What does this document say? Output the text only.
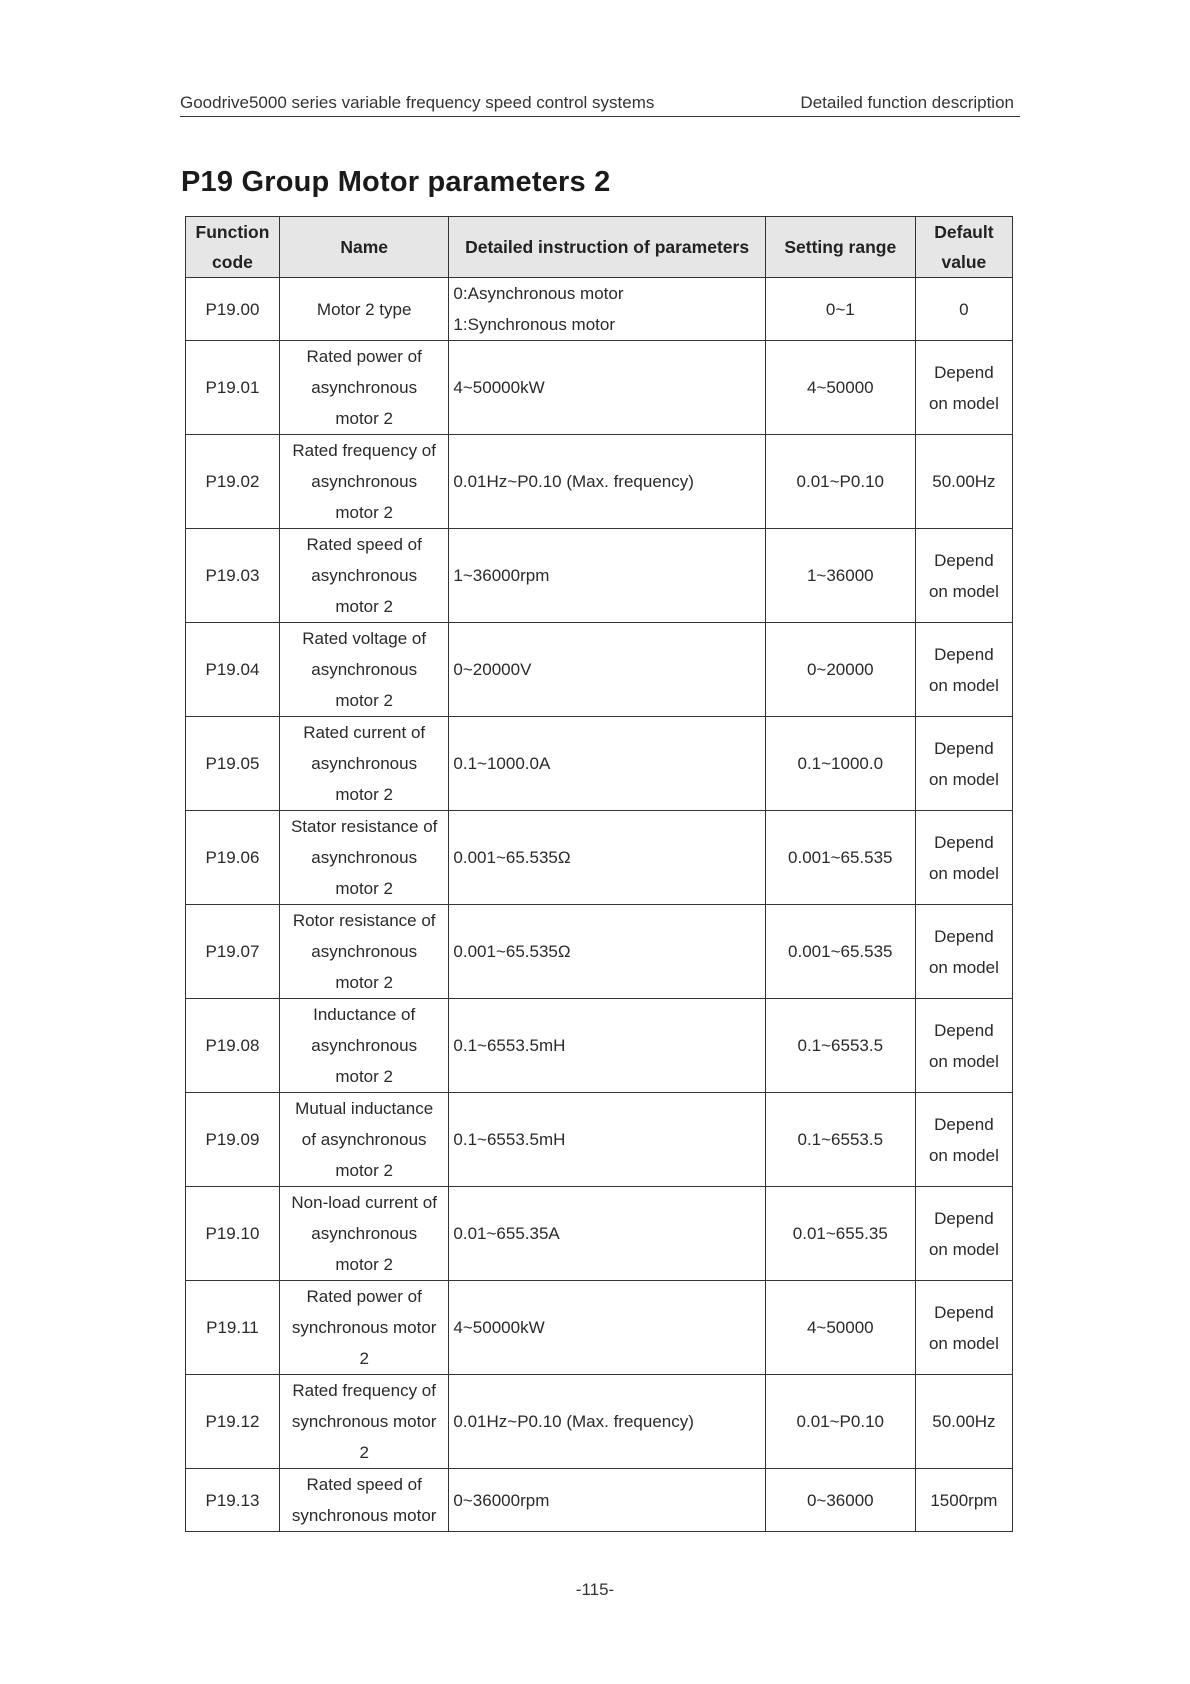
Goodrive5000 series variable frequency speed control systems	Detailed function description
P19 Group Motor parameters 2
Function
code	Name	Detailed instruction of parameters	Setting range	Default
value

P19.00	Motor 2 type	0:Asynchronous motor
1:Synchronous motor	0~1	0

P19.01	Rated power of
asynchronous
motor 2	4~50000kW	4~50000	Depend
on model

P19.02	Rated frequency of
asynchronous
motor 2	0.01Hz~P0.10 (Max. frequency)	0.01~P0.10	50.00Hz

P19.03	Rated speed of
asynchronous
motor 2	1~36000rpm	1~36000	Depend
on model

P19.04	Rated voltage of
asynchronous
motor 2	0~20000V	0~20000	Depend
on model

P19.05	Rated current of
asynchronous
motor 2	0.1~1000.0A	0.1~1000.0	Depend
on model

P19.06	Stator resistance of
asynchronous
motor 2	0.001~65.535Ω	0.001~65.535	Depend
on model

P19.07	Rotor resistance of
asynchronous
motor 2	0.001~65.535Ω	0.001~65.535	Depend
on model

P19.08	Inductance of
asynchronous
motor 2	0.1~6553.5mH	0.1~6553.5	Depend
on model

P19.09	Mutual inductance
of asynchronous
motor 2	0.1~6553.5mH	0.1~6553.5	Depend
on model

P19.10	Non-load current of
asynchronous
motor 2	0.01~655.35A	0.01~655.35	Depend
on model

P19.11	Rated power of
synchronous motor
2	4~50000kW	4~50000	Depend
on model

P19.12	Rated frequency of
synchronous motor
2	0.01Hz~P0.10 (Max. frequency)	0.01~P0.10	50.00Hz

P19.13	Rated speed of
synchronous motor	0~36000rpm	0~36000	1500rpm
-115-
